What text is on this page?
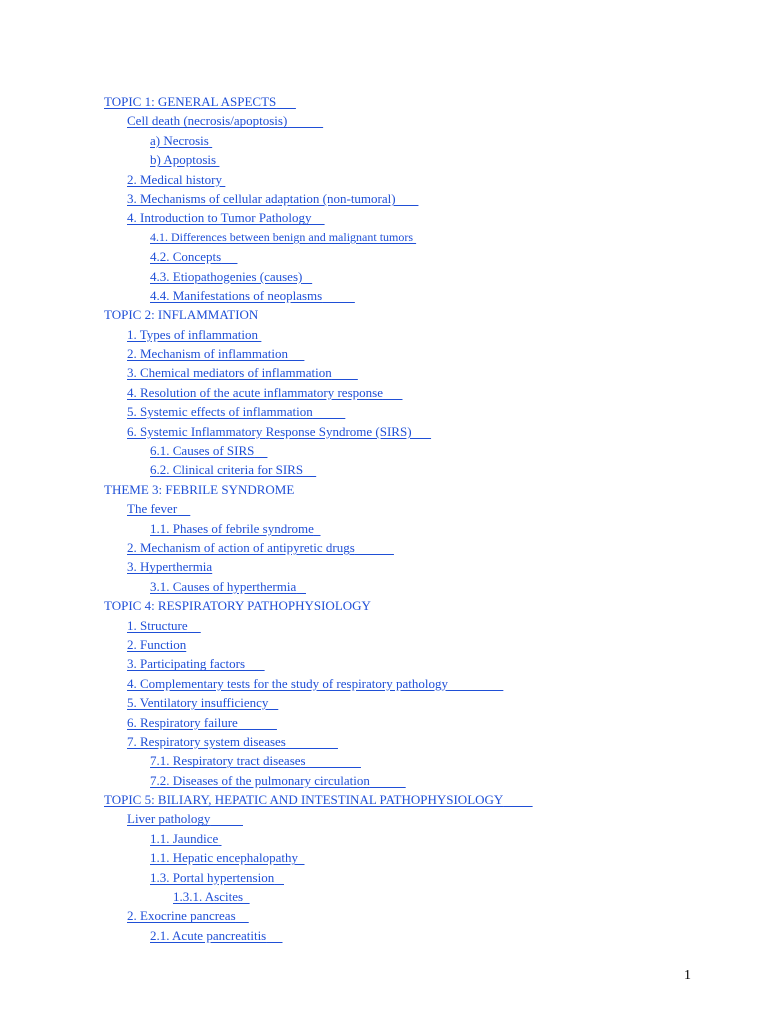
TOPIC 1: GENERAL ASPECTS
Cell death (necrosis/apoptosis)
a) Necrosis
b) Apoptosis
2. Medical history
3. Mechanisms of cellular adaptation (non-tumoral)
4. Introduction to Tumor Pathology
4.1. Differences between benign and malignant tumors
4.2. Concepts
4.3. Etiopathogenies (causes)
4.4. Manifestations of neoplasms
TOPIC 2: INFLAMMATION
1. Types of inflammation
2. Mechanism of inflammation
3. Chemical mediators of inflammation
4. Resolution of the acute inflammatory response
5. Systemic effects of inflammation
6. Systemic Inflammatory Response Syndrome (SIRS)
6.1. Causes of SIRS
6.2. Clinical criteria for SIRS
THEME 3: FEBRILE SYNDROME
The fever
1.1. Phases of febrile syndrome
2. Mechanism of action of antipyretic drugs
3. Hyperthermia
3.1. Causes of hyperthermia
TOPIC 4: RESPIRATORY PATHOPHYSIOLOGY
1. Structure
2. Function
3. Participating factors
4. Complementary tests for the study of respiratory pathology
5. Ventilatory insufficiency
6. Respiratory failure
7. Respiratory system diseases
7.1. Respiratory tract diseases
7.2. Diseases of the pulmonary circulation
TOPIC 5: BILIARY, HEPATIC AND INTESTINAL PATHOPHYSIOLOGY
Liver pathology
1.1. Jaundice
1.1. Hepatic encephalopathy
1.3. Portal hypertension
1.3.1. Ascites
2. Exocrine pancreas
2.1. Acute pancreatitis
1
